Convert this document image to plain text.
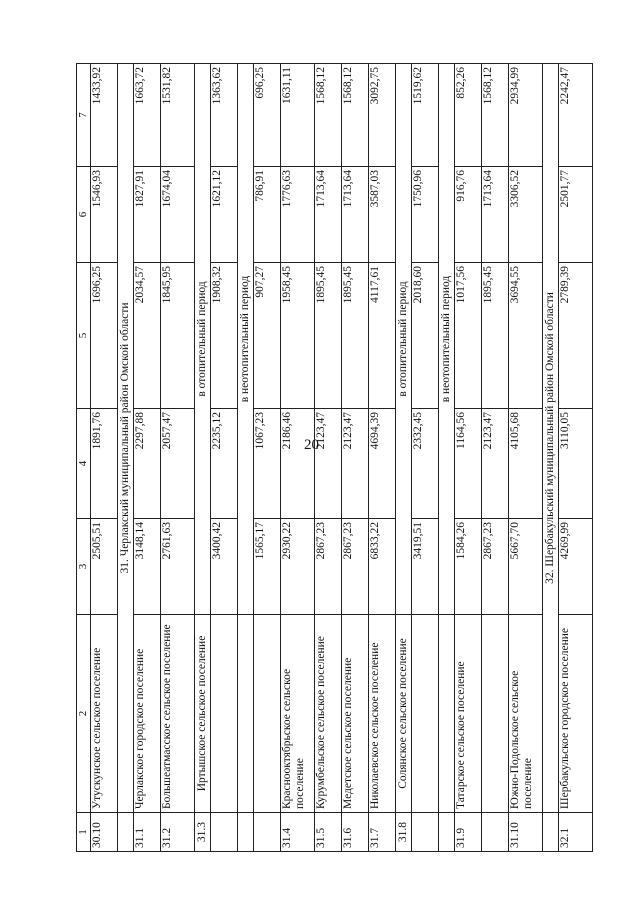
20
1	2	3	4	5	6	7
30.10	Утускунское сельское поселение	2505,51	1891,76	1696,25	1546,93	1433,92
	31. Черлакский муниципальный район Омской области					
31.1	Черлакское городское поселение	3148,14	2297,88	2034,57	1827,91	1663,72
31.2	Большеатмасское сельское поселение	2761,63	2057,47	1845,95	1674,04	1531,82
31.3	Иртышское сельское поселение	в отопительный период				
		3400,42	2235,12	1908,32	1621,12	1363,62
		в неотопительный период				
		1565,17	1067,23	907,27	786,91	696,25
31.4	Краснооктябрьское сельское поселение	2930,22	2186,46	1958,45	1776,63	1631,11
31.5	Курумбельское сельское поселение	2867,23	2123,47	1895,45	1713,64	1568,12
31.6	Медетское сельское поселение	2867,23	2123,47	1895,45	1713,64	1568,12
31.7	Николаевское сельское поселение	6833,22	4694,39	4117,61	3587,03	3092,75
31.8	Солянское сельское поселение	в отопительный период				
		3419,51	2332,45	2018,60	1750,96	1519,62
		в неотопительный период				
31.9	Татарское сельское поселение	1584,26	1164,56	1017,56	916,76	852,26
		2867,23	2123,47	1895,45	1713,64	1568,12
31.10	Южно-Подольское сельское поселение	5667,70	4105,68	3694,55	3306,52	2934,99
	32. Шербакульский муниципальный район Омской области					
32.1	Шербакульское городское поселение	4269,99	3110,05	2789,39	2501,77	2242,47
